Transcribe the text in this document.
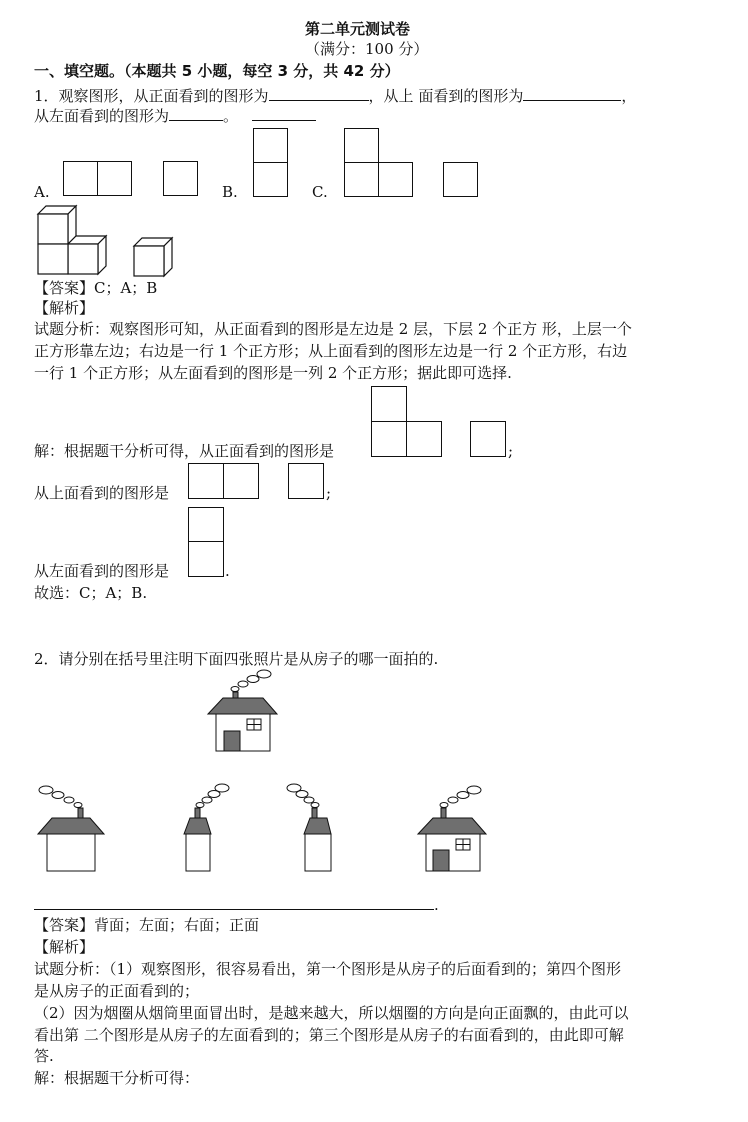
第二单元测试卷
（满分：100 分）
一、填空题。（本题共 5 小题，每空 3 分，共 42 分）
1．观察图形，从正面看到的图形为	，从上 面看到的图形为	，
从左面看到的图形为	。
A.	B.	C.
【答案】C；A；B
【解析】
试题分析：观察图形可知，从正面看到的图形是左边是 2 层，下层 2 个正方 形，上层一个
正方形靠左边；右边是一行 1 个正方形；从上面看到的图形左边是一行 2 个正方形，右边
一行 1 个正方形；从左面看到的图形是一列 2 个正方形；据此即可选择.
解：根据题干分析可得，从正面看到的图形是	;
从上面看到的图形是	;
从左面看到的图形是	.
故选：C；A；B.
2．请分别在括号里注明下面四张照片是从房子的哪一面拍的.
.
【答案】背面；左面；右面；正面
【解析】
试题分析：（1）观察图形，很容易看出，第一个图形是从房子的后面看到的；第四个图形
是从房子的正面看到的；
（2）因为烟圈从烟筒里面冒出时，是越来越大，所以烟圈的方向是向正面飘的，由此可以
看出第 二个图形是从房子的左面看到的；第三个图形是从房子的右面看到的，由此即可解
答.
解：根据题干分析可得：
